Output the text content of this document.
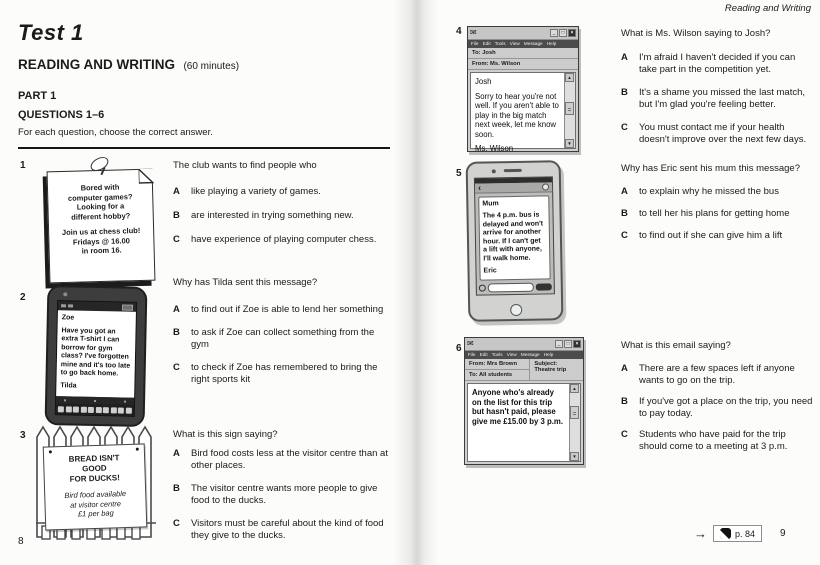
Test 1
READING AND WRITING (60 minutes)
PART 1
QUESTIONS 1–6
For each question, choose the correct answer.
1
Bored with
computer games?
Looking for a
different hobby?
Join us at chess club!
Fridays @ 16.00
in room 16.
The club wants to find people who
A like playing a variety of games.
B are interested in trying something new.
C have experience of playing computer chess.
2
Zoe
Have you got an extra T-shirt I can borrow for gym class? I've forgotten mine and it's too late to go back home.
Tilda
Why has Tilda sent this message?
A to find out if Zoe is able to lend her something
B to ask if Zoe can collect something from the gym
C to check if Zoe has remembered to bring the right sports kit
3
BREAD ISN'T
GOOD
FOR DUCKS!
Bird food available
at visitor centre
£1 per bag
What is this sign saying?
A Bird food costs less at the visitor centre than at other places.
B The visitor centre wants more people to give food to the ducks.
C Visitors must be careful about the kind of food they give to the ducks.
8
Reading and Writing
4 ✉	_	□	×
File Edit Tools View Message Help
To: Josh
From: Ms. Wilson
Josh
Sorry to hear you're not well. If you aren't able to play in the big match next week, let me know soon.
Ms. Wilson
▲
▼
What is Ms. Wilson saying to Josh?
A I'm afraid I haven't decided if you can take part in the competition yet.
B It's a shame you missed the last match, but I'm glad you're feeling better.
C You must contact me if your health doesn't improve over the next few days.
5
‹
Mum
The 4 p.m. bus is delayed and won't arrive for another hour. If I can't get a lift with anyone, I'll walk home.
Eric
Why has Eric sent his mum this message?
A to explain why he missed the bus
B to tell her his plans for getting home
C to find out if she can give him a lift
6 ✉	_	□	×
File Edit Tools View Message Help
From: Mrs Brown	Subject:
Theatre trip
To: All students
Anyone who's already on the list for this trip but hasn't paid, please give me £15.00 by 3 p.m.
▲
▼
What is this email saying?
A There are a few spaces left if anyone wants to go on the trip.
B If you've got a place on the trip, you need to pay today.
C Students who have paid for the trip should come to a meeting at 3 p.m.
→	p. 84	9
